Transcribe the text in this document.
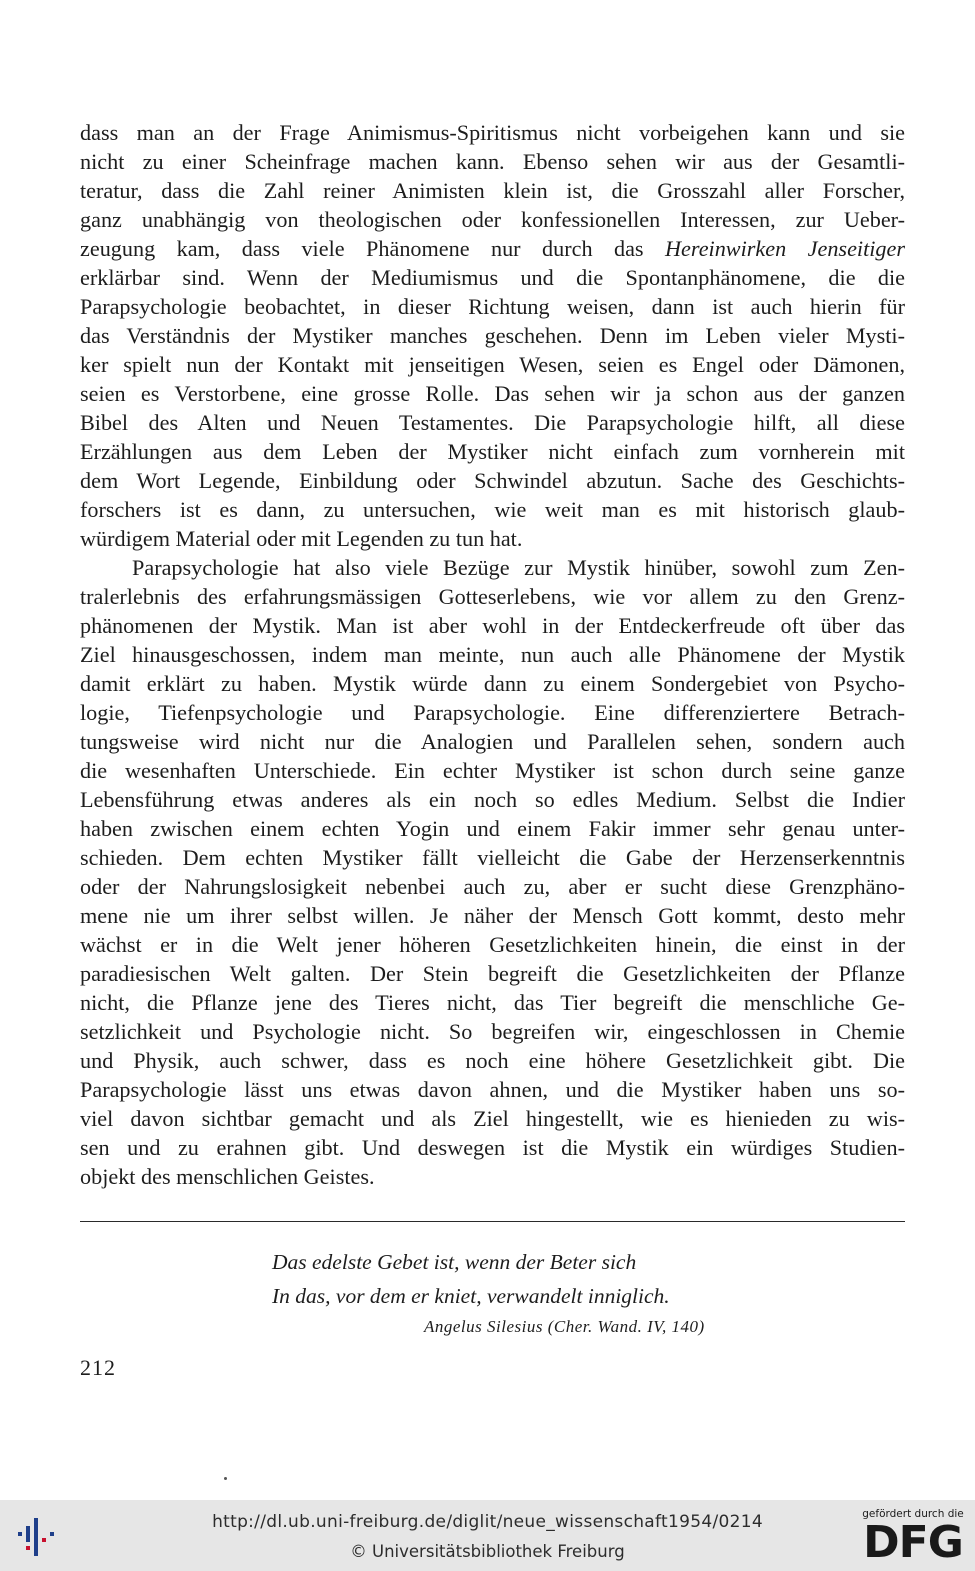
dass man an der Frage Animismus-Spiritismus nicht vorbeigehen kann und sie
nicht zu einer Scheinfrage machen kann. Ebenso sehen wir aus der Gesamtli-
teratur, dass die Zahl reiner Animisten klein ist, die Grosszahl aller Forscher,
ganz unabhängig von theologischen oder konfessionellen Interessen, zur Ueber-
zeugung kam, dass viele Phänomene nur durch das Hereinwirken Jenseitiger
erklärbar sind. Wenn der Mediumismus und die Spontanphänomene, die die
Parapsychologie beobachtet, in dieser Richtung weisen, dann ist auch hierin für
das Verständnis der Mystiker manches geschehen. Denn im Leben vieler Mysti-
ker spielt nun der Kontakt mit jenseitigen Wesen, seien es Engel oder Dämonen,
seien es Verstorbene, eine grosse Rolle. Das sehen wir ja schon aus der ganzen
Bibel des Alten und Neuen Testamentes. Die Parapsychologie hilft, all diese
Erzählungen aus dem Leben der Mystiker nicht einfach zum vornherein mit
dem Wort Legende, Einbildung oder Schwindel abzutun. Sache des Geschichts-
forschers ist es dann, zu untersuchen, wie weit man es mit historisch glaub-
würdigem Material oder mit Legenden zu tun hat.
Parapsychologie hat also viele Bezüge zur Mystik hinüber, sowohl zum Zen-
tralerlebnis des erfahrungsmässigen Gotteserlebens, wie vor allem zu den Grenz-
phänomenen der Mystik. Man ist aber wohl in der Entdeckerfreude oft über das
Ziel hinausgeschossen, indem man meinte, nun auch alle Phänomene der Mystik
damit erklärt zu haben. Mystik würde dann zu einem Sondergebiet von Psycho-
logie, Tiefenpsychologie und Parapsychologie. Eine differenziertere Betrach-
tungsweise wird nicht nur die Analogien und Parallelen sehen, sondern auch
die wesenhaften Unterschiede. Ein echter Mystiker ist schon durch seine ganze
Lebensführung etwas anderes als ein noch so edles Medium. Selbst die Indier
haben zwischen einem echten Yogin und einem Fakir immer sehr genau unter-
schieden. Dem echten Mystiker fällt vielleicht die Gabe der Herzenserkenntnis
oder der Nahrungslosigkeit nebenbei auch zu, aber er sucht diese Grenzphäno-
mene nie um ihrer selbst willen. Je näher der Mensch Gott kommt, desto mehr
wächst er in die Welt jener höheren Gesetzlichkeiten hinein, die einst in der
paradiesischen Welt galten. Der Stein begreift die Gesetzlichkeiten der Pflanze
nicht, die Pflanze jene des Tieres nicht, das Tier begreift die menschliche Ge-
setzlichkeit und Psychologie nicht. So begreifen wir, eingeschlossen in Chemie
und Physik, auch schwer, dass es noch eine höhere Gesetzlichkeit gibt. Die
Parapsychologie lässt uns etwas davon ahnen, und die Mystiker haben uns so-
viel davon sichtbar gemacht und als Ziel hingestellt, wie es hienieden zu wis-
sen und zu erahnen gibt. Und deswegen ist die Mystik ein würdiges Studien-
objekt des menschlichen Geistes.
Das edelste Gebet ist, wenn der Beter sich
In das, vor dem er kniet, verwandelt inniglich.
Angelus Silesius (Cher. Wand. IV, 140)
212
http://dl.ub.uni-freiburg.de/diglit/neue_wissenschaft1954/0214
© Universitätsbibliothek Freiburg
gefördert durch die
DFG
